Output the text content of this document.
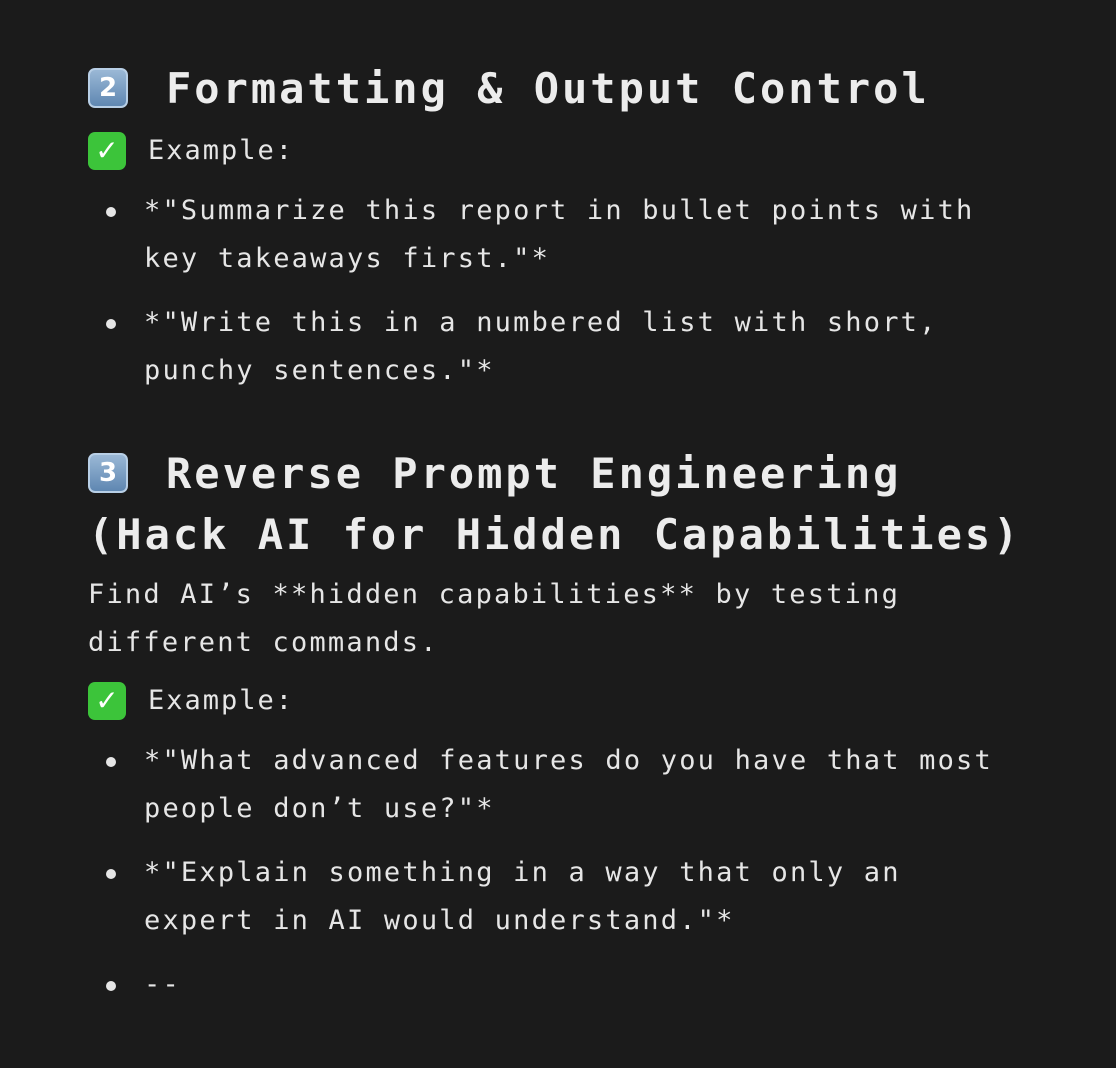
2 Formatting & Output Control
✓ Example:
*"Summarize this report in bullet points with
key takeaways first."*
*"Write this in a numbered list with short,
punchy sentences."*
3 Reverse Prompt Engineering
(Hack AI for Hidden Capabilities)

Find AI’s **hidden capabilities** by testing
different commands.

✓ Example:
*"What advanced features do you have that most
people don’t use?"*
*"Explain something in a way that only an
expert in AI would understand."*
--
